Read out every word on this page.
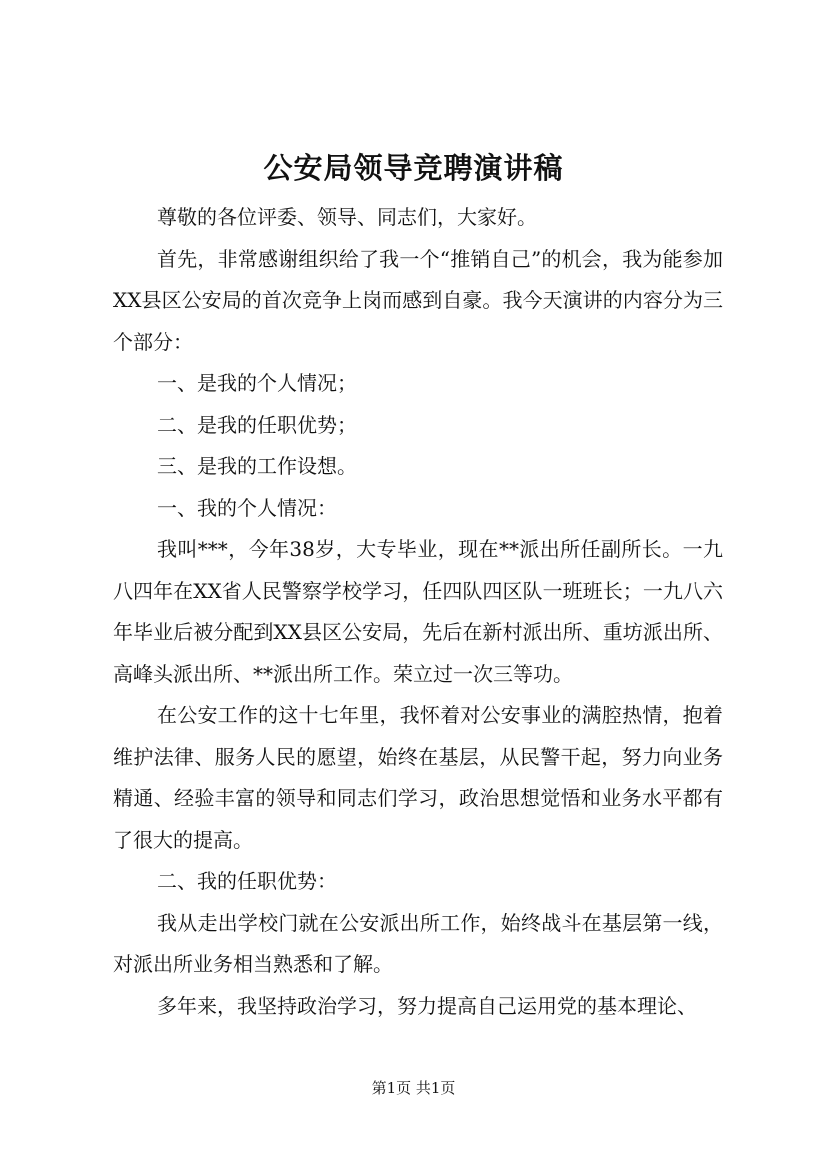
公安局领导竞聘演讲稿

尊敬的各位评委、领导、同志们，大家好。

首先，非常感谢组织给了我一个“推销自己”的机会，我为能参加XX县区公安局的首次竞争上岗而感到自豪。我今天演讲的内容分为三个部分：

一、是我的个人情况；

二、是我的任职优势；

三、是我的工作设想。

一、我的个人情况：

我叫***，今年38岁，大专毕业，现在**派出所任副所长。一九八四年在XX省人民警察学校学习，任四队四区队一班班长；一九八六年毕业后被分配到XX县区公安局，先后在新村派出所、重坊派出所、高峰头派出所、**派出所工作。荣立过一次三等功。

在公安工作的这十七年里，我怀着对公安事业的满腔热情，抱着维护法律、服务人民的愿望，始终在基层，从民警干起，努力向业务精通、经验丰富的领导和同志们学习，政治思想觉悟和业务水平都有了很大的提高。

二、我的任职优势：

我从走出学校门就在公安派出所工作，始终战斗在基层第一线，对派出所业务相当熟悉和了解。

多年来，我坚持政治学习，努力提高自己运用党的基本理论、

第1页 共1页
